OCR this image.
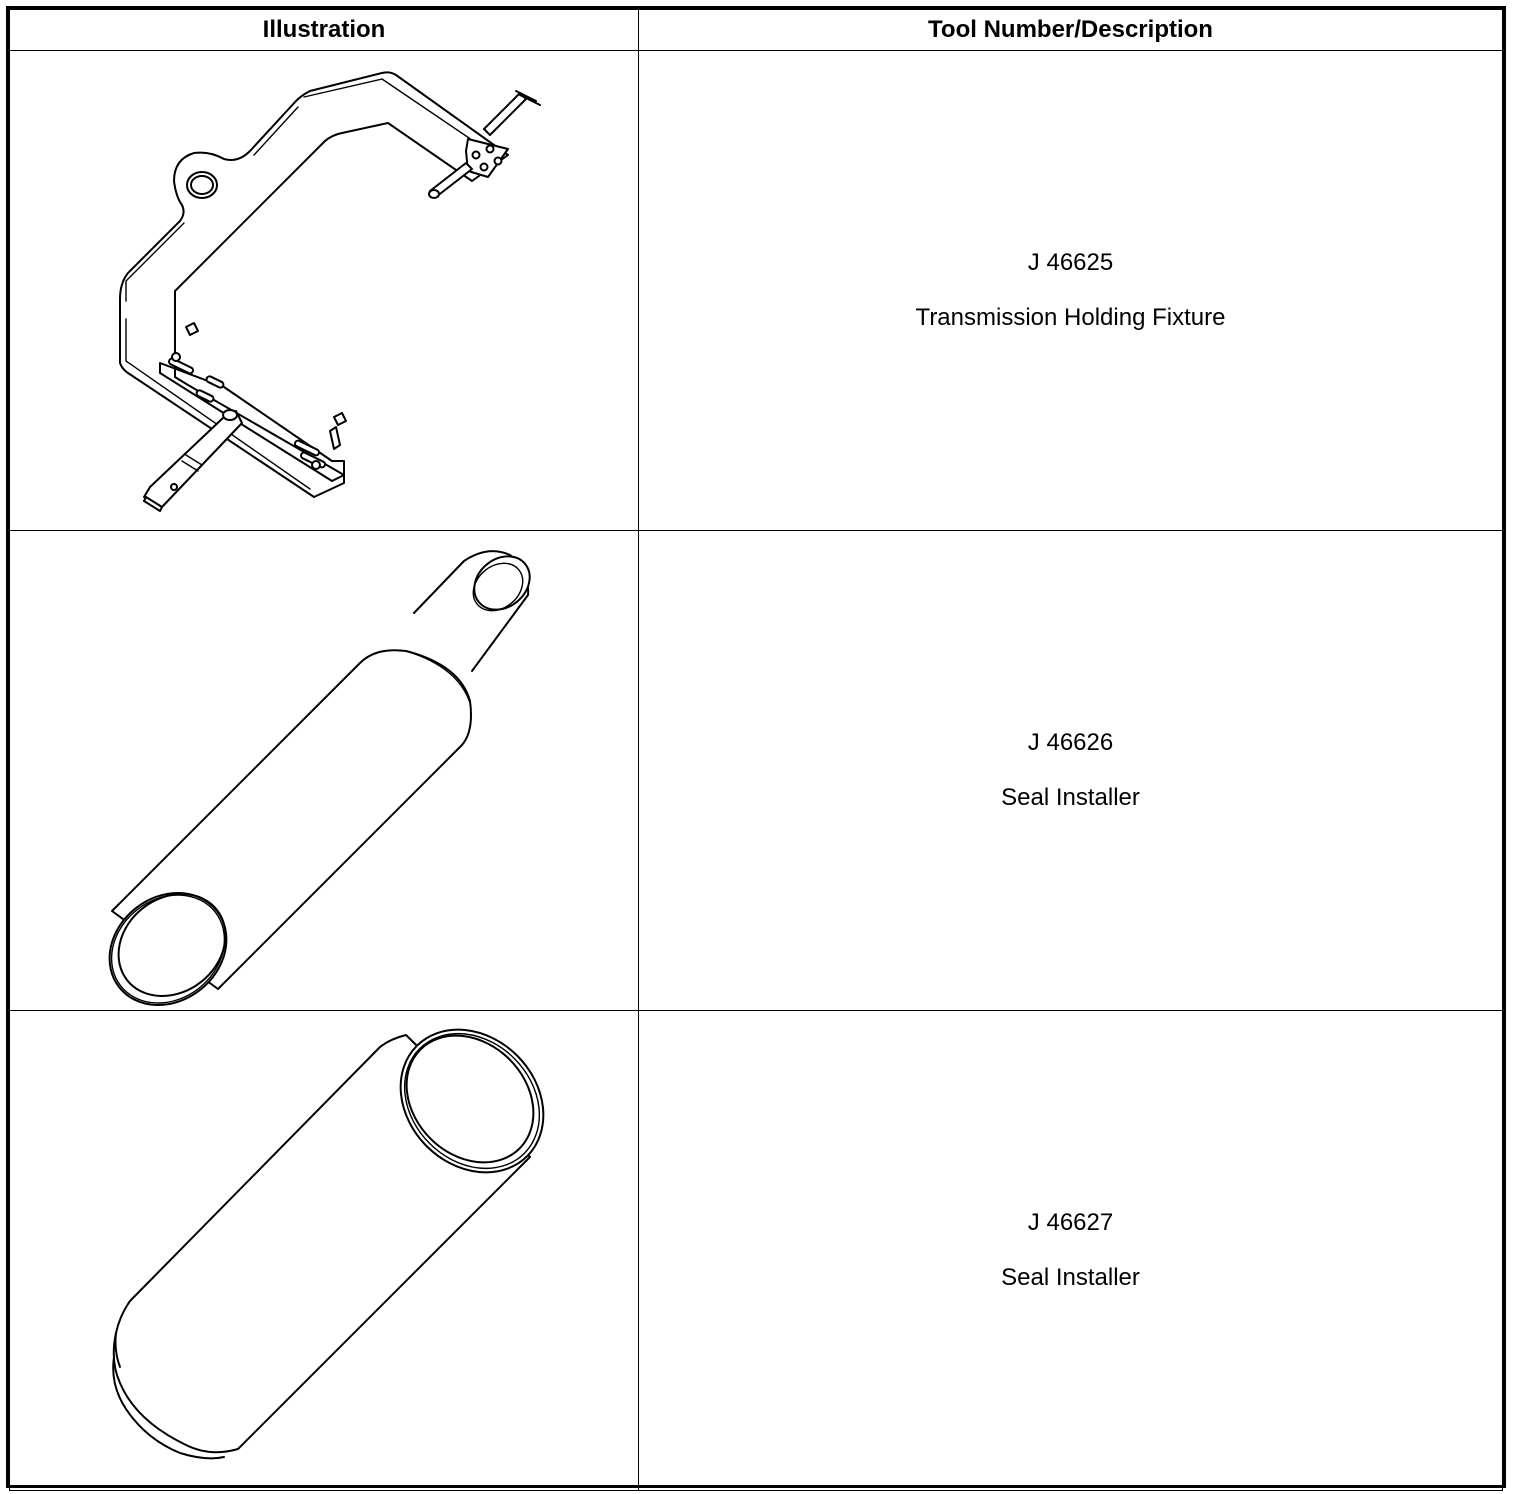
Illustration	Tool Number/Description

J 46625
Transmission Holding Fixture

J 46626
Seal Installer

J 46627
Seal Installer
